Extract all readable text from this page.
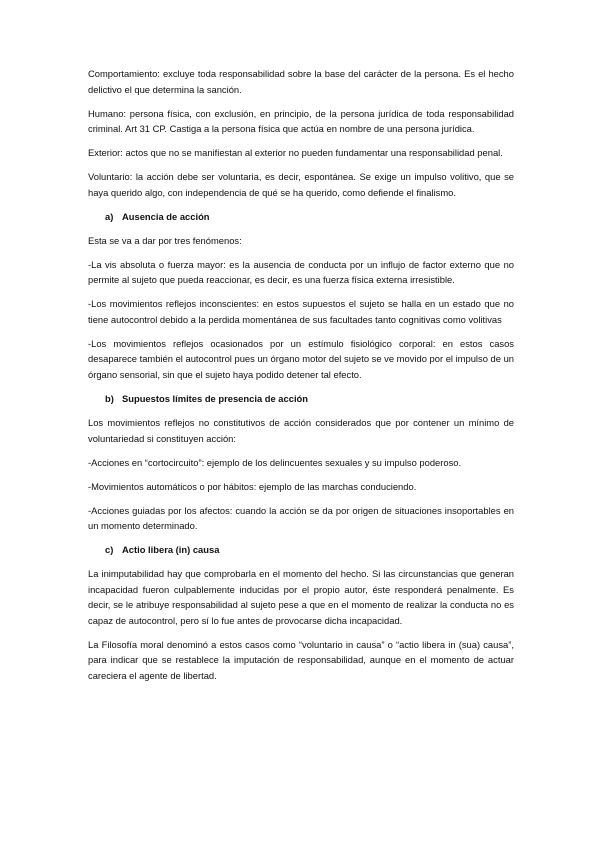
Comportamiento: excluye toda responsabilidad sobre la base del carácter de la persona. Es el hecho delictivo el que determina la sanción.

Humano: persona física, con exclusión, en principio, de la persona jurídica de toda responsabilidad criminal. Art 31 CP. Castiga a la persona física que actúa en nombre de una persona jurídica.

Exterior: actos que no se manifiestan al exterior no pueden fundamentar una responsabilidad penal.

Voluntario: la acción debe ser voluntaria, es decir, espontánea. Se exige un impulso volitivo, que se haya querido algo, con independencia de qué se ha querido, como defiende el finalismo.

a) Ausencia de acción

Esta se va a dar por tres fenómenos:

-La vis absoluta o fuerza mayor: es la ausencia de conducta por un influjo de factor externo que no permite al sujeto que pueda reaccionar, es decir, es una fuerza física externa irresistible.

-Los movimientos reflejos inconscientes: en estos supuestos el sujeto se halla en un estado que no tiene autocontrol debido a la perdida momentánea de sus facultades tanto cognitivas como volitivas

-Los movimientos reflejos ocasionados por un estímulo fisiológico corporal: en estos casos desaparece también el autocontrol pues un órgano motor del sujeto se ve movido por el impulso de un órgano sensorial, sin que el sujeto haya podido detener tal efecto.

b) Supuestos límites de presencia de acción

Los movimientos reflejos no constitutivos de acción considerados que por contener un mínimo de voluntariedad si constituyen acción:

-Acciones en “cortocircuito”: ejemplo de los delincuentes sexuales y su impulso poderoso.

-Movimientos automáticos o por hábitos: ejemplo de las marchas conduciendo.

-Acciones guiadas por los afectos: cuando la acción se da por origen de situaciones insoportables en un momento determinado.

c) Actio libera (in) causa

La inimputabilidad hay que comprobarla en el momento del hecho. Si las circunstancias que generan incapacidad fueron culpablemente inducidas por el propio autor, éste responderá penalmente. Es decir, se le atribuye responsabilidad al sujeto pese a que en el momento de realizar la conducta no es capaz de autocontrol, pero sí lo fue antes de provocarse dicha incapacidad.

La Filosofía moral denominó a estos casos como “voluntario in causa” o “actio libera in (sua) causa”, para indicar que se restablece la imputación de responsabilidad, aunque en el momento de actuar careciera el agente de libertad.
